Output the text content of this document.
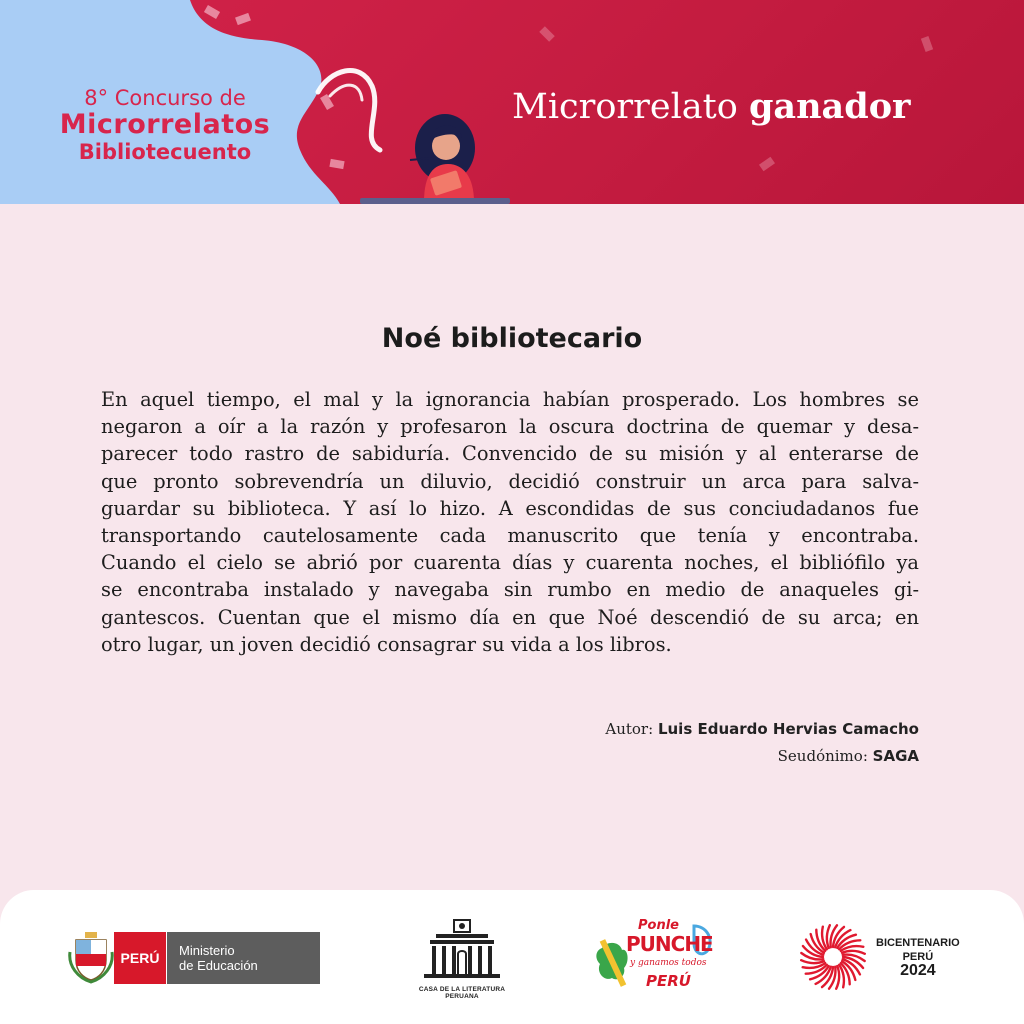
8° Concurso de
Microrrelatos
Bibliotecuento
Microrrelato ganador
Noé bibliotecario
En aquel tiempo, el mal y la ignorancia habían prosperado. Los hombres se
negaron a oír a la razón y profesaron la oscura doctrina de quemar y desa-
parecer todo rastro de sabiduría. Convencido de su misión y al enterarse de
que pronto sobrevendría un diluvio, decidió construir un arca para salva-
guardar su biblioteca. Y así lo hizo. A escondidas de sus conciudadanos fue
transportando cautelosamente cada manuscrito que tenía y encontraba.
Cuando el cielo se abrió por cuarenta días y cuarenta noches, el bibliófilo ya
se encontraba instalado y navegaba sin rumbo en medio de anaqueles gi-
gantescos. Cuentan que el mismo día en que Noé descendió de su arca; en
otro lugar, un joven decidió consagrar su vida a los libros.
Autor: Luis Eduardo Hervias Camacho
Seudónimo: SAGA
PERÚ	Ministerio
de Educación
CASA DE LA LITERATURA PERUANA
Ponle
PUNCHE
y ganamos todos
PERÚ
BICENTENARIO
PERÚ
2024
